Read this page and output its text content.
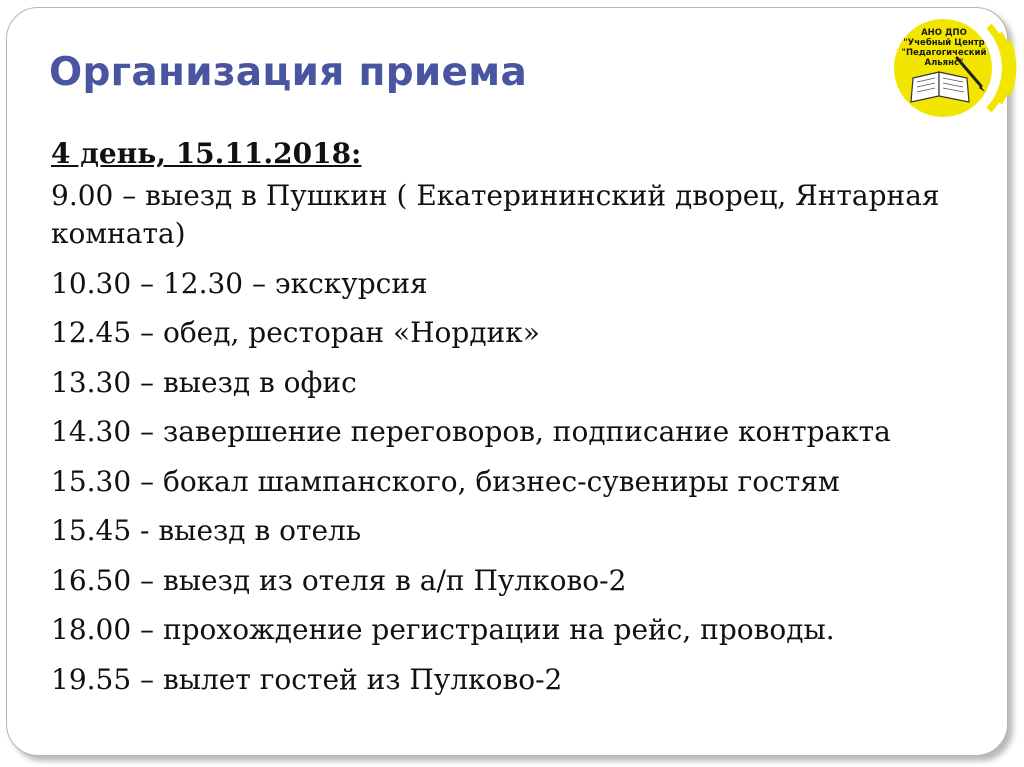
Организация приема
АНО ДПО
"Учебный Центр
"Педагогический Альянс"
4 день, 15.11.2018:
9.00 – выезд в Пушкин ( Екатерининский дворец, Янтарная комната)
10.30 – 12.30 – экскурсия
12.45 – обед, ресторан «Нордик»
13.30 – выезд в офис
14.30 – завершение переговоров, подписание контракта
15.30 – бокал шампанского, бизнес-сувениры гостям
15.45 - выезд в отель
16.50 – выезд из отеля в а/п Пулково-2
18.00 – прохождение регистрации на рейс, проводы.
19.55 – вылет гостей из Пулково-2
